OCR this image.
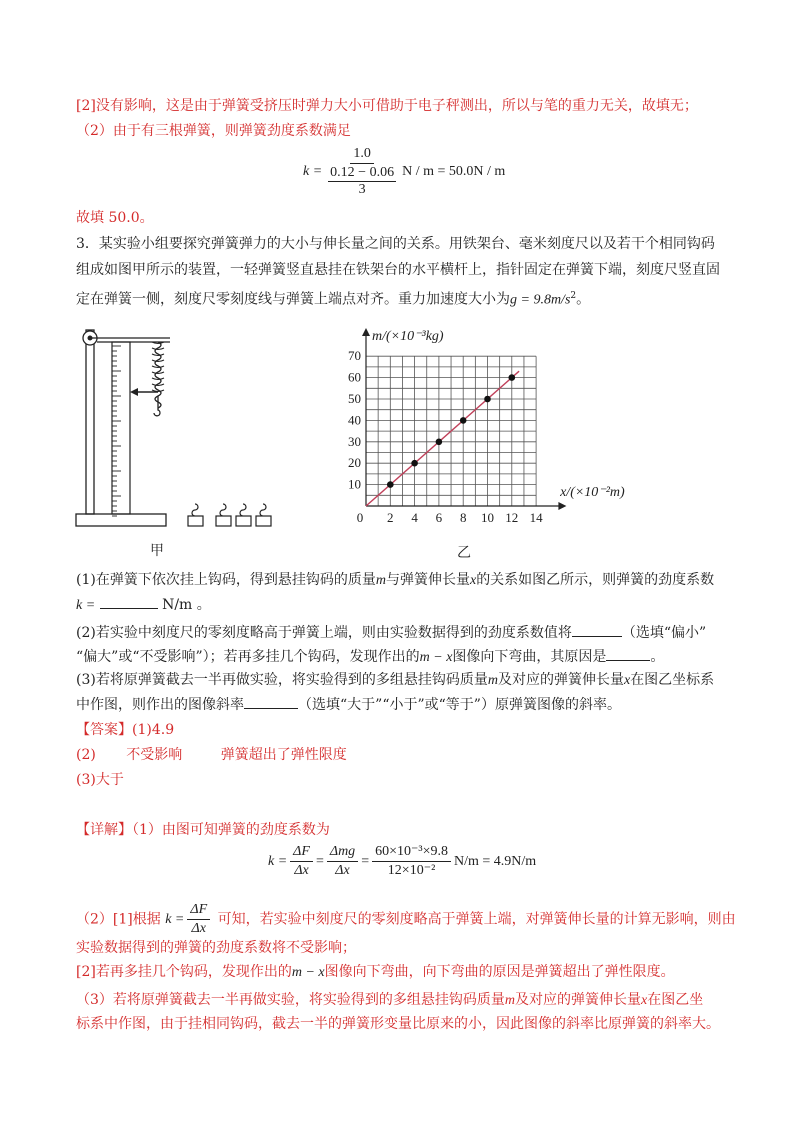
[2]没有影响，这是由于弹簧受挤压时弹力大小可借助于电子秤测出，所以与笔的重力无关，故填无；
（2）由于有三根弹簧，则弹簧劲度系数满足
k = 1.0
0.12 − 0.06
3 N / m = 50.0N / m
故填 50.0。
3．某实验小组要探究弹簧弹力的大小与伸长量之间的关系。用铁架台、毫米刻度尺以及若干个相同钩码
组成如图甲所示的装置，一轻弹簧竖直悬挂在铁架台的水平横杆上，指针固定在弹簧下端，刻度尺竖直固
定在弹簧一侧，刻度尺零刻度线与弹簧上端点对齐。重力加速度大小为$g = 9.8m/s^2$。
甲
0 2 4 6 8 10 12 14
10
20
30
40
50
60
70
m/(×10⁻³kg)
x/(×10⁻²m)
乙
(1)在弹簧下依次挂上钩码，得到悬挂钩码的质量m与弹簧伸长量x的关系如图乙所示，则弹簧的劲度系数
k =	N/m 。
(2)若实验中刻度尺的零刻度略高于弹簧上端，则由实验数据得到的劲度系数值将	（选填“偏小”
“偏大”或“不受影响”）；若再多挂几个钩码，发现作出的m − x图像向下弯曲，其原因是	。
(3)若将原弹簧截去一半再做实验，将实验得到的多组悬挂钩码质量m及对应的弹簧伸长量x在图乙坐标系
中作图，则作出的图像斜率	（选填“大于”“小于”或“等于”）原弹簧图像的斜率。
【答案】(1)4.9
(2) 不受影响	弹簧超出了弹性限度
(3)大于
【详解】（1）由图可知弹簧的劲度系数为
$k = \frac{\Delta F}{\Delta x} = \frac{\text{Δmg}}{\Delta x} = \frac{\text{60×10⁻³×9.8}}{\text{12×10⁻²}} N/m = 4.9N/m$
（2）[1]根据 $k = \frac{\Delta F}{\Delta x}$ 可知，若实验中刻度尺的零刻度略高于弹簧上端，对弹簧伸长量的计算无影响，则由
实验数据得到的弹簧的劲度系数将不受影响；
[2]若再多挂几个钩码，发现作出的m − x图像向下弯曲，向下弯曲的原因是弹簧超出了弹性限度。
（3）若将原弹簧截去一半再做实验，将实验得到的多组悬挂钩码质量m及对应的弹簧伸长量x在图乙坐
标系中作图，由于挂相同钩码，截去一半的弹簧形变量比原来的小，因此图像的斜率比原弹簧的斜率大。
